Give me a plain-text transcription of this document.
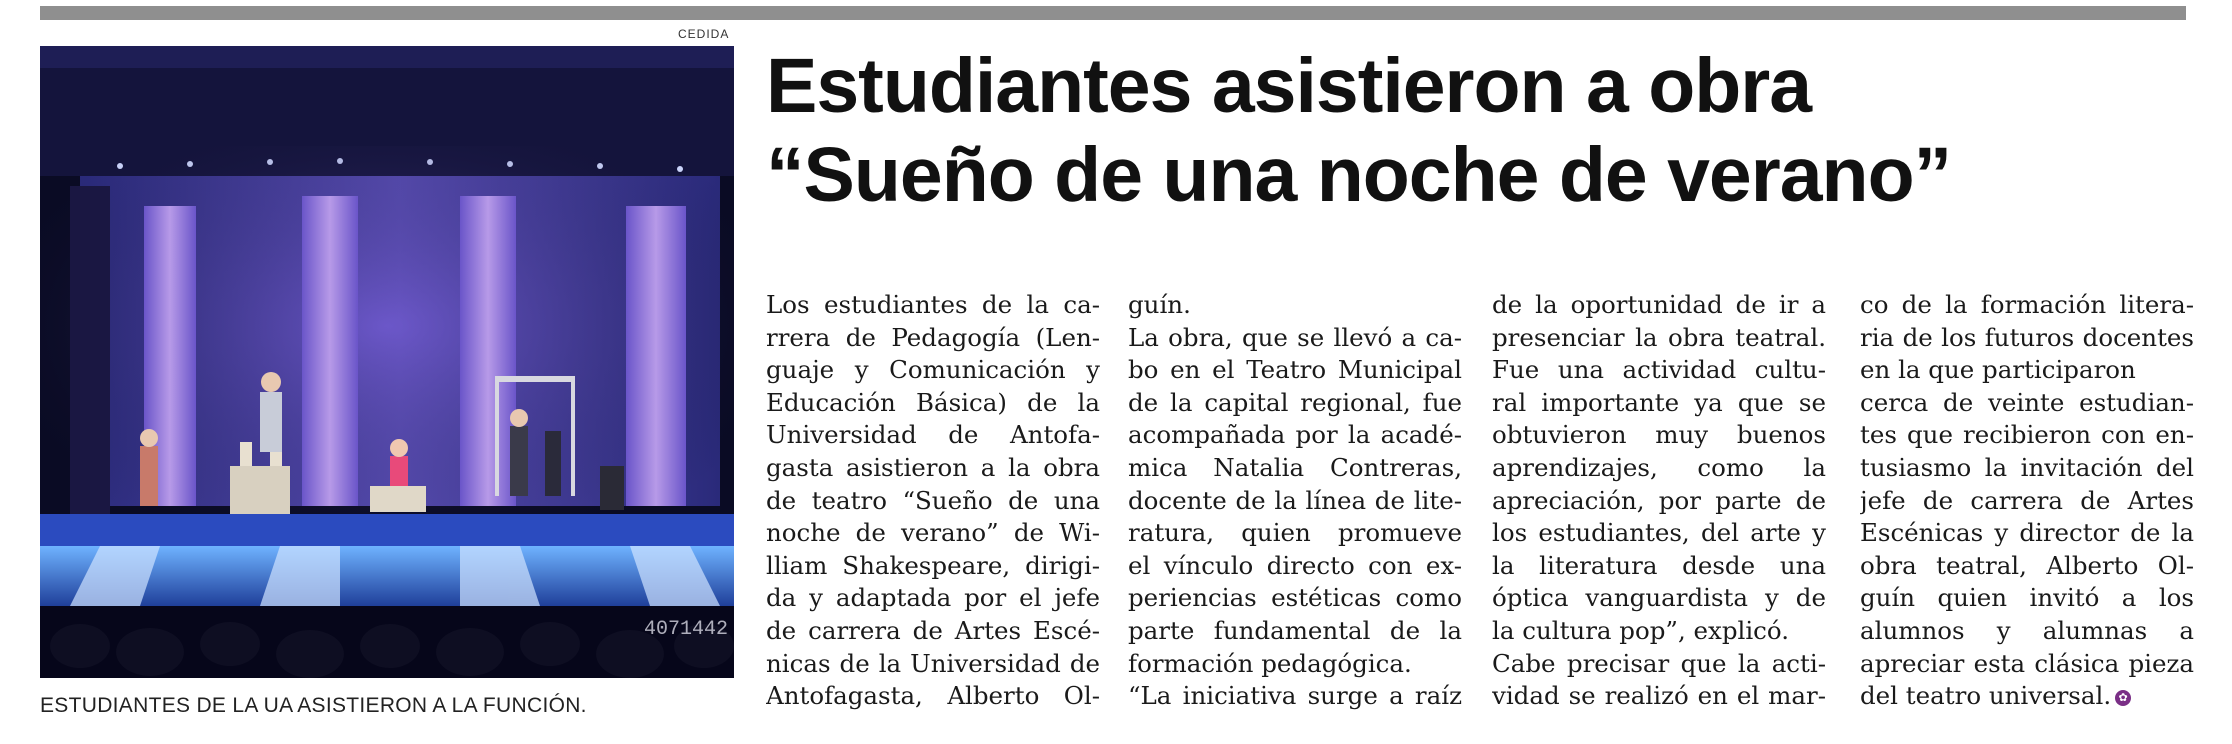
CEDIDA
4071442
ESTUDIANTES DE LA UA ASISTIERON A LA FUNCIÓN.
Estudiantes asistieron a obra
“Sueño de una noche de verano”
Los estudiantes de la ca-
rrera de Pedagogía (Len-
guaje y Comunicación y
Educación Básica) de la
Universidad de Antofa-
gasta asistieron a la obra
de teatro “Sueño de una
noche de verano” de Wi-
lliam Shakespeare, dirigi-
da y adaptada por el jefe
de carrera de Artes Escé-
nicas de la Universidad de
Antofagasta, Alberto Ol-
guín.
La obra, que se llevó a ca-
bo en el Teatro Municipal
de la capital regional, fue
acompañada por la acadé-
mica Natalia Contreras,
docente de la línea de lite-
ratura, quien promueve
el vínculo directo con ex-
periencias estéticas como
parte fundamental de la
formación pedagógica.
“La iniciativa surge a raíz
de la oportunidad de ir a
presenciar la obra teatral.
Fue una actividad cultu-
ral importante ya que se
obtuvieron muy buenos
aprendizajes, como la
apreciación, por parte de
los estudiantes, del arte y
la literatura desde una
óptica vanguardista y de
la cultura pop”, explicó.
Cabe precisar que la acti-
vidad se realizó en el mar-
co de la formación litera-
ria de los futuros docentes
en la que participaron
cerca de veinte estudian-
tes que recibieron con en-
tusiasmo la invitación del
jefe de carrera de Artes
Escénicas y director de la
obra teatral, Alberto Ol-
guín quien invitó a los
alumnos y alumnas a
apreciar esta clásica pieza
del teatro universal. ✿
